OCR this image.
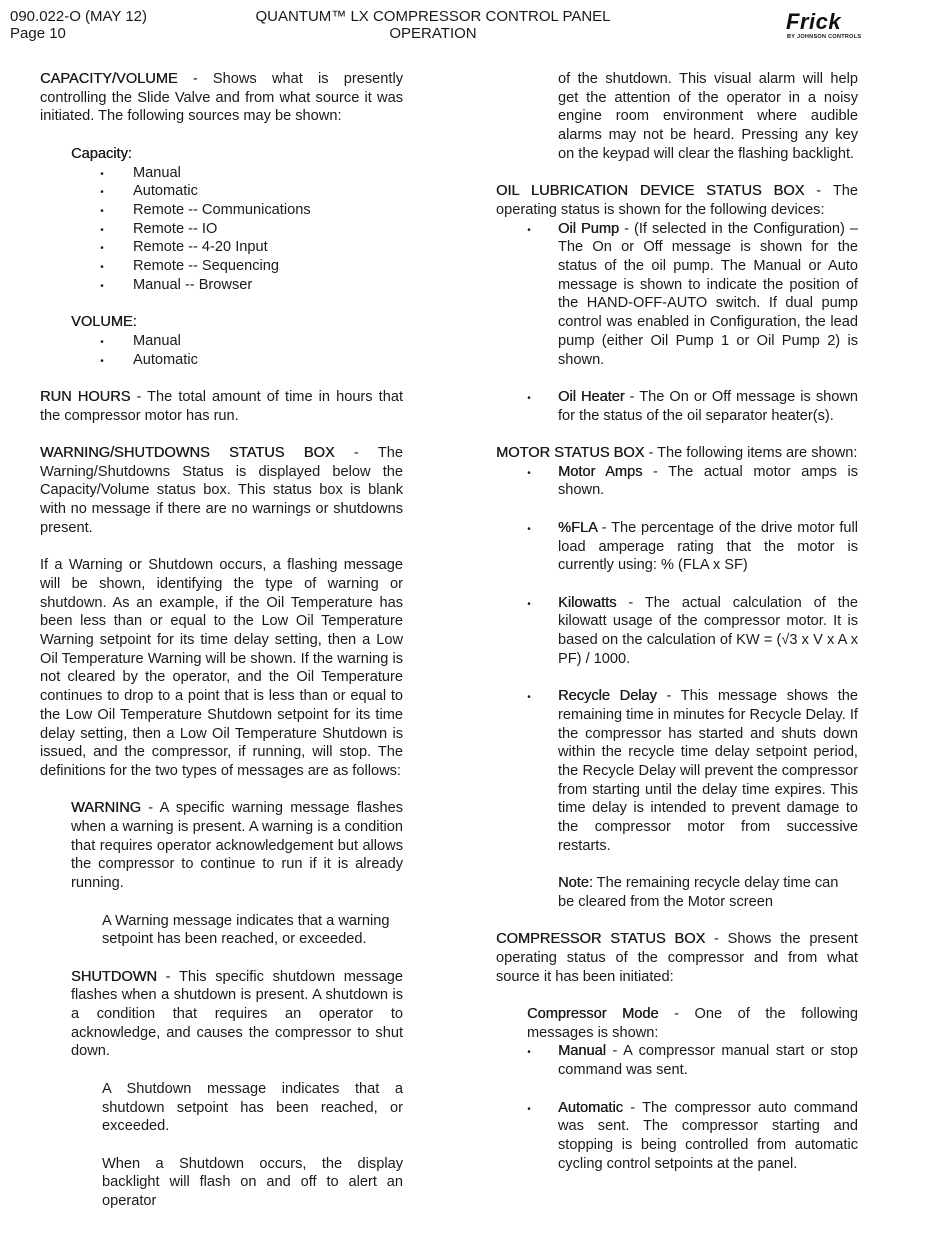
090.022-O (MAY 12)
Page 10
QUANTUM™ LX COMPRESSOR CONTROL PANEL
OPERATION	Frick
BY JOHNSON CONTROLS

CAPACITY/VOLUME - Shows what is presently controlling the Slide Valve and from what source it was initiated. The following sources may be shown:

Capacity:

•
Manual
•
Automatic
•
Remote -- Communications
•
Remote -- IO
•
Remote -- 4-20 Input
•
Remote -- Sequencing
•
Manual -- Browser

VOLUME:

•
Manual
•
Automatic

RUN HOURS - The total amount of time in hours that the compressor motor has run.

WARNING/SHUTDOWNS STATUS BOX - The Warning/Shutdowns Status is displayed below the Capacity/Volume status box. This status box is blank with no message if there are no warnings or shutdowns present.

If a Warning or Shutdown occurs, a flashing message will be shown, identifying the type of warning or shutdown. As an example, if the Oil Temperature has been less than or equal to the Low Oil Temperature Warning setpoint for its time delay setting, then a Low Oil Temperature Warning will be shown. If the warning is not cleared by the operator, and the Oil Temperature continues to drop to a point that is less than or equal to the Low Oil Temperature Shutdown setpoint for its time delay setting, then a Low Oil Temperature Shutdown is issued, and the compressor, if running, will stop. The definitions for the two types of messages are as follows:

WARNING - A specific warning message flashes when a warning is present. A warning is a condition that requires operator acknowledgement but allows the compressor to continue to run if it is already running.

A Warning message indicates that a warning setpoint has been reached, or exceeded.

SHUTDOWN - This specific shutdown message flashes when a shutdown is present. A shutdown is a condition that requires an operator to acknowledge, and causes the compressor to shut down.

A Shutdown message indicates that a shutdown setpoint has been reached, or exceeded.

When a Shutdown occurs, the display backlight will flash on and off to alert an operator

of the shutdown. This visual alarm will help get the attention of the operator in a noisy engine room environment where audible alarms may not be heard. Pressing any key on the keypad will clear the flashing backlight.

OIL LUBRICATION DEVICE STATUS BOX - The operating status is shown for the following devices:

•
Oil Pump - (If selected in the Configuration) – The On or Off message is shown for the status of the oil pump. The Manual or Auto message is shown to indicate the position of the HAND-OFF-AUTO switch. If dual pump control was enabled in Configuration, the lead pump (either Oil Pump 1 or Oil Pump 2) is shown.
•
Oil Heater - The On or Off message is shown for the status of the oil separator heater(s).

MOTOR STATUS BOX - The following items are shown:

•
Motor Amps - The actual motor amps is shown.
•
%FLA - The percentage of the drive motor full load amperage rating that the motor is currently using: % (FLA x SF)
•
Kilowatts - The actual calculation of the kilowatt usage of the compressor motor. It is based on the calculation of KW = (√3 x V x A x PF) / 1000.
•
Recycle Delay - This message shows the remaining time in minutes for Recycle Delay. If the compressor has started and shuts down within the recycle time delay setpoint period, the Recycle Delay will prevent the compressor from starting until the delay time expires. This time delay is intended to prevent damage to the compressor motor from successive restarts.

Note: The remaining recycle delay time can be cleared from the Motor screen

COMPRESSOR STATUS BOX - Shows the present operating status of the compressor and from what source it has been initiated:

Compressor Mode - One of the following messages is shown:

•
Manual - A compressor manual start or stop command was sent.
•
Automatic - The compressor auto command was sent. The compressor starting and stopping is being controlled from automatic cycling control setpoints at the panel.
